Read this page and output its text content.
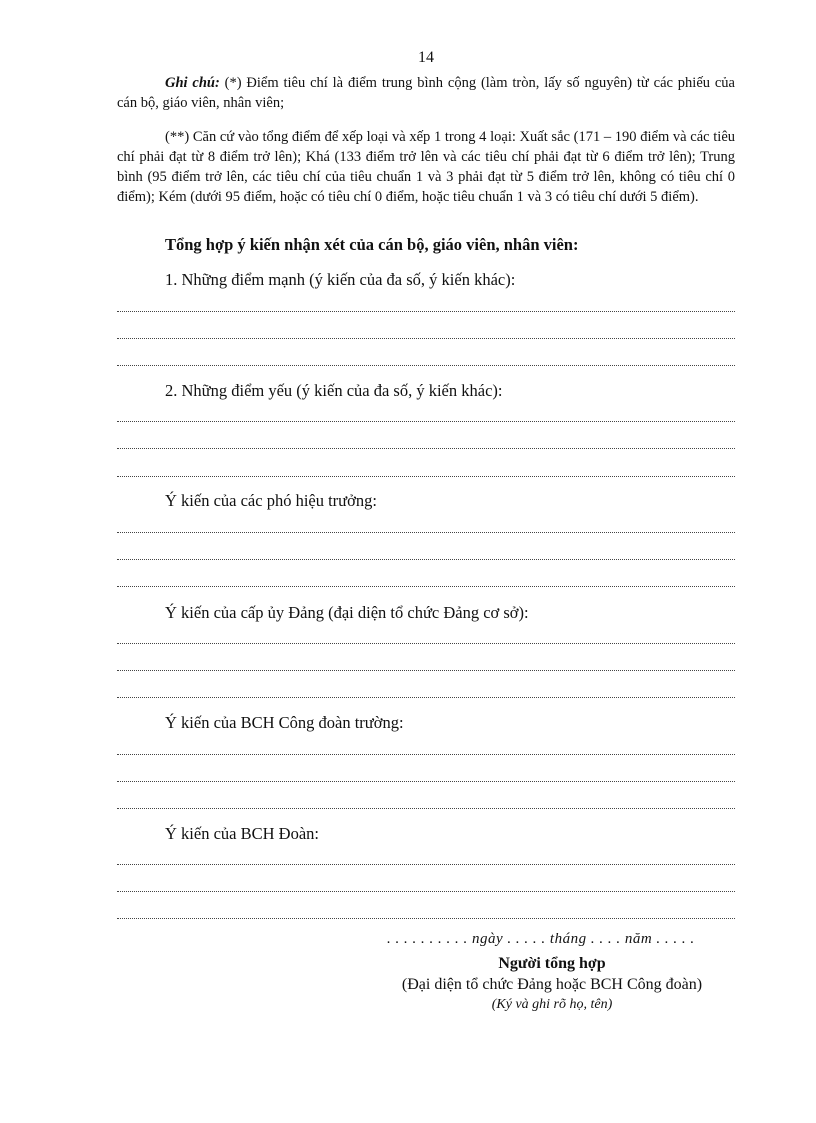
14
Ghi chú: (*) Điểm tiêu chí là điểm trung bình cộng (làm tròn, lấy số nguyên) từ các phiếu của cán bộ, giáo viên, nhân viên;
(**) Căn cứ vào tổng điểm để xếp loại và xếp 1 trong 4 loại: Xuất sắc (171 – 190 điểm và các tiêu chí phải đạt từ 8 điểm trở lên); Khá (133 điểm trở lên và các tiêu chí phải đạt từ 6 điểm trở lên); Trung bình (95 điểm trở lên, các tiêu chí của tiêu chuẩn 1 và 3 phải đạt từ 5 điểm trở lên, không có tiêu chí 0 điểm); Kém (dưới 95 điểm, hoặc có tiêu chí 0 điểm, hoặc tiêu chuẩn 1 và 3 có tiêu chí dưới 5 điểm).
Tổng hợp ý kiến nhận xét của cán bộ, giáo viên, nhân viên:
1. Những điểm mạnh (ý kiến của đa số, ý kiến khác):
2. Những điểm yếu (ý kiến của đa số, ý kiến khác):
Ý kiến của các phó hiệu trưởng:
Ý kiến của cấp ủy Đảng (đại diện tổ chức Đảng cơ sở):
Ý kiến của BCH Công đoàn trường:
Ý kiến của BCH Đoàn:
. . . . . . . . . . ngày . . . . . tháng . . . . năm . . . . .
Người tổng hợp
(Đại diện tổ chức Đảng hoặc BCH Công đoàn)
(Ký và ghi rõ họ, tên)
